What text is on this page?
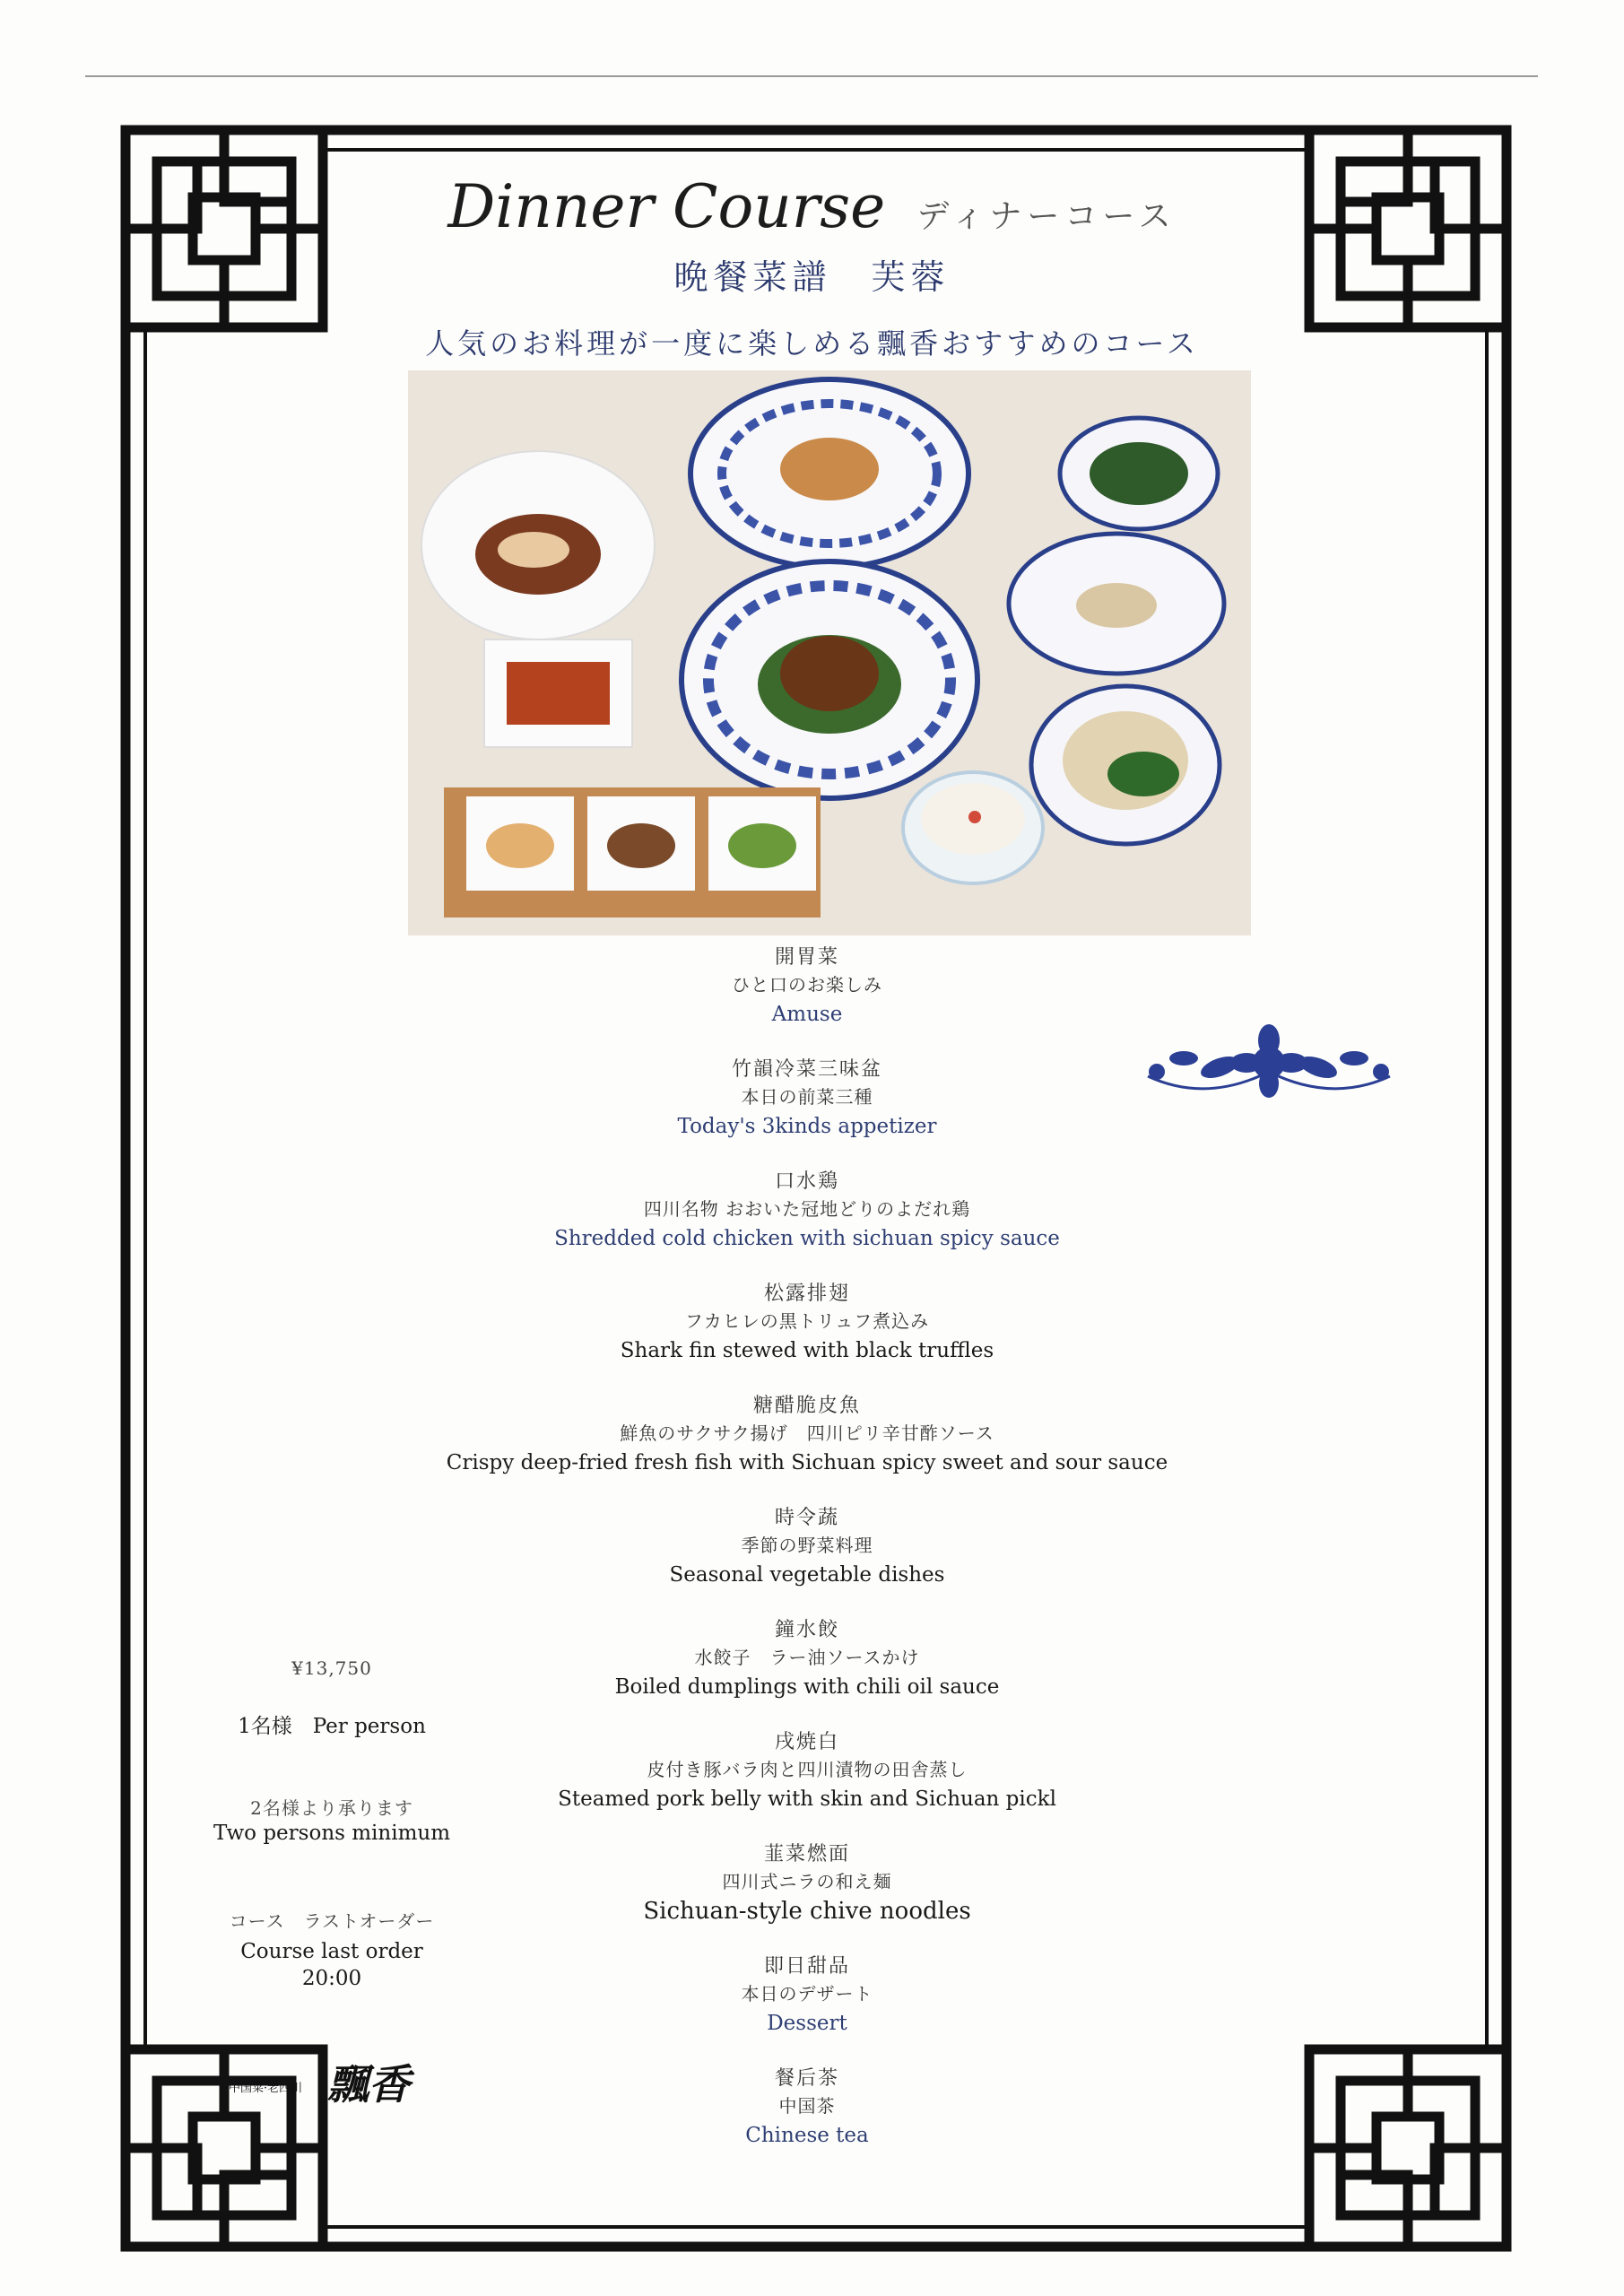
Dinner Course ディナーコース
晩餐菜譜　芙蓉
人気のお料理が一度に楽しめる飄香おすすめのコース
開胃菜
ひと口のお楽しみ
Amuse
竹韻冷菜三味盆
本日の前菜三種
Today's 3kinds appetizer
口水鶏
四川名物 おおいた冠地どりのよだれ鶏
Shredded cold chicken with sichuan spicy sauce
松露排翅
フカヒレの黒トリュフ煮込み
Shark fin stewed with black truffles
糖醋脆皮魚
鮮魚のサクサク揚げ　四川ピリ辛甘酢ソース
Crispy deep-fried fresh fish with Sichuan spicy sweet and sour sauce
時令蔬
季節の野菜料理
Seasonal vegetable dishes
鐘水餃
水餃子　ラー油ソースかけ
Boiled dumplings with chili oil sauce
戌焼白
皮付き豚バラ肉と四川漬物の田舎蒸し
Steamed pork belly with skin and Sichuan pickl
韮菜燃面
四川式ニラの和え麺
Sichuan-style chive noodles
即日甜品
本日のデザート
Dessert
餐后茶
中国茶
Chinese tea
¥13,750
1名様　Per person
2名様より承ります
Two persons minimum
コース　ラストオーダー
Course last order
20:00
中国菜·老四川 飄香
